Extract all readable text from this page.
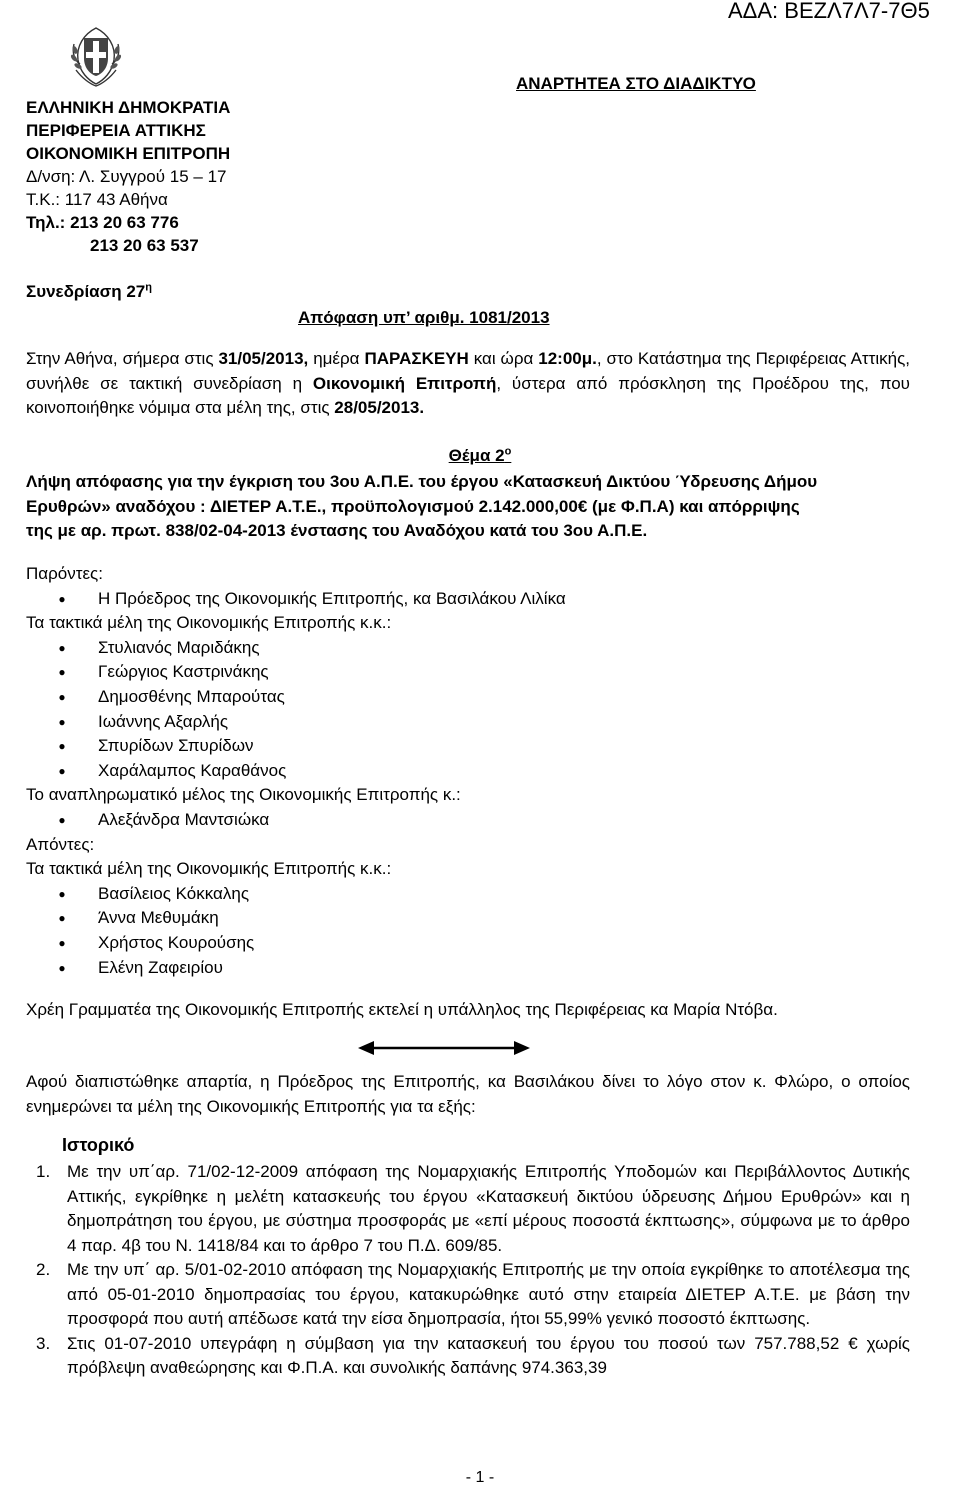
ΑΔΑ: ΒΕΖΛ7Λ7-7Θ5
ΕΛΛΗΝΙΚΗ ΔΗΜΟΚΡΑΤΙΑ
ΠΕΡΙΦΕΡΕΙΑ ΑΤΤΙΚΗΣ
ΟΙΚΟΝΟΜΙΚΗ ΕΠΙΤΡΟΠΗ
Δ/νση: Λ. Συγγρού 15 – 17
Τ.Κ.: 117 43 Αθήνα
Τηλ.: 213 20 63 776
213 20 63 537
ΑΝΑΡΤΗΤΕΑ ΣΤΟ ΔΙΑΔΙΚΤΥΟ
Συνεδρίαση $27^\eta$
Απόφαση υπ’ αριθμ. 1081/2013
Στην Αθήνα, σήμερα στις 31/05/2013, ημέρα ΠΑΡΑΣΚΕΥΗ και ώρα 12:00μ., στο Κατάστημα της Περιφέρειας Αττικής, συνήλθε σε τακτική συνεδρίαση η Οικονομική Επιτροπή, ύστερα από πρόσκληση της Προέδρου της, που κοινοποιήθηκε νόμιμα στα μέλη της, στις 28/05/2013.
Θέμα $2^o$
Λήψη απόφασης για την έγκριση του 3ου Α.Π.Ε. του έργου «Κατασκευή Δικτύου Ύδρευσης Δήμου
Ερυθρών» αναδόχου : ΔΙΕΤΕΡ Α.Τ.Ε., προϋπολογισμού 2.142.000,00€ (με Φ.Π.Α) και απόρριψης
της με αρ. πρωτ. 838/02-04-2013 ένστασης του Αναδόχου κατά του 3ου Α.Π.Ε.
Παρόντες:
● Η Πρόεδρος της Οικονομικής Επιτροπής, κα Βασιλάκου Λιλίκα
Τα τακτικά μέλη της Οικονομικής Επιτροπής κ.κ.:
● Στυλιανός Μαριδάκης
● Γεώργιος Καστρινάκης
● Δημοσθένης Μπαρούτας
● Ιωάννης Αξαρλής
● Σπυρίδων Σπυρίδων
● Χαράλαμπος Καραθάνος
Το αναπληρωματικό μέλος της Οικονομικής Επιτροπής κ.:
● Αλεξάνδρα Μαντσιώκα
Απόντες:
Τα τακτικά μέλη της Οικονομικής Επιτροπής κ.κ.:
● Βασίλειος Κόκκαλης
● Άννα Μεθυμάκη
● Χρήστος Κουρούσης
● Ελένη Ζαφειρίου
Χρέη Γραμματέα της Οικονομικής Επιτροπής εκτελεί η υπάλληλος της Περιφέρειας κα Μαρία Ντόβα.
Αφού διαπιστώθηκε απαρτία, η Πρόεδρος της Επιτροπής, κα Βασιλάκου δίνει το λόγο στον κ. Φλώρο, ο οποίος ενημερώνει τα μέλη της Οικονομικής Επιτροπής για τα εξής:
Ιστορικό
1. Με την υπ΄αρ. 71/02-12-2009 απόφαση της Νομαρχιακής Επιτροπής Υποδομών και Περιβάλλοντος Δυτικής Αττικής, εγκρίθηκε η μελέτη κατασκευής του έργου «Κατασκευή δικτύου ύδρευσης Δήμου Ερυθρών» και η δημοπράτηση του έργου, με σύστημα προσφοράς με «επί μέρους ποσοστά έκπτωσης», σύμφωνα με το άρθρο 4 παρ. 4β του Ν. 1418/84 και το άρθρο 7 του Π.Δ. 609/85.
2. Με την υπ΄ αρ. 5/01-02-2010 απόφαση της Νομαρχιακής Επιτροπής με την οποία εγκρίθηκε το αποτέλεσμα της από 05-01-2010 δημοπρασίας του έργου, κατακυρώθηκε αυτό στην εταιρεία ΔΙΕΤΕΡ Α.Τ.Ε. με βάση την προσφορά που αυτή απέδωσε κατά την είσα δημοπρασία, ήτοι 55,99% γενικό ποσοστό έκπτωσης.
3. Στις 01-07-2010 υπεγράφη η σύμβαση για την κατασκευή του έργου του ποσού των 757.788,52 € χωρίς πρόβλεψη αναθεώρησης και Φ.Π.Α. και συνολικής δαπάνης 974.363,39
- 1 -
